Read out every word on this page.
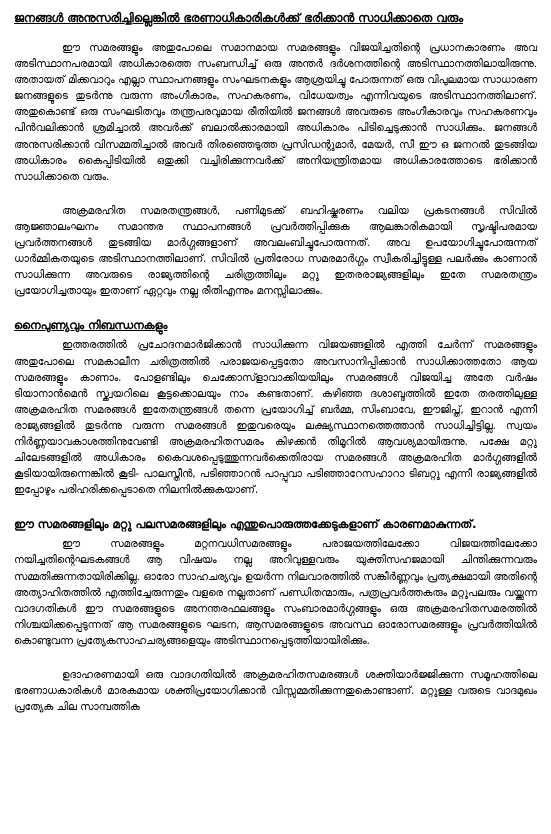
ജനങ്ങൾ അനുസരിച്ചില്ലെങ്കിൽ ഭരണാധികാരികൾക്ക് ഭരിക്കാൻ സാധിക്കാതെ വരും

ഈ സമരങ്ങളും അതുപോലെ സമാനമായ സമരങ്ങളും വിജയിച്ചതിന്റെ പ്രധാനകാരണം അവ അടിസ്ഥാനപരമായി അധികാരത്തെ സംബന്ധിച്ച് ഒരു അന്തർ ദർശനത്തിന്റെ അടിസ്ഥാനത്തിലായിരുന്നു. അതായത് മിക്കവാറും എല്ലാ സ്ഥാപനങ്ങളും സംഘടനകളും ആശ്രയിച്ചു പോരുന്നത് ഒരു വിപുലമായ സാധാരണ ജനങ്ങളുടെ തുടർന്നു വരുന്ന അംഗീകാരം, സഹകരണം, വിധേയത്വം എന്നിവയുടെ അടിസ്ഥാനത്തിലാണ്. അതുകൊണ്ട് ഒരു സംഘടിതവും തന്ത്രപരവുമായ രീതിയിൽ ജനങ്ങൾ അവരുടെ അംഗീകാരവും സഹകരണവും പിൻവലിക്കാൻ ശ്രമിച്ചാൽ അവർക്ക് ബലാൽക്കാരമായി അധികാരം പിടിച്ചെടുക്കാൻ സാധിക്കും. ജനങ്ങൾ അനുസരിക്കാൻ വിസമ്മതിച്ചാൽ അവർ തിരഞ്ഞെടുത്ത പ്രസിഡന്റുമാർ, മേയർ, സീ ഈ ഒ ജനറൽ തുടങ്ങിയ അധികാരം കൈപ്പിടിയിൽ ഒതുക്കി വച്ചിരിക്കുന്നവർക്ക് അനിയന്ത്രിതമായ അധികാരത്തോടെ ഭരിക്കാൻ സാധിക്കാതെ വരും.

അക്രമരഹിത സമരതന്ത്രങ്ങൾ, പണിമുടക്ക് ബഹിഷ്കരണം വലിയ പ്രകടനങ്ങൾ സിവിൽ ആജ്ഞാലംഘനം സമാന്തര സ്ഥാപനങ്ങൾ പ്രവർത്തിപ്പിക്കുക ആലങ്കാരികമായി സൃഷ്ടിപരമായ പ്രവർത്തനങ്ങൾ തുടങ്ങിയ മാർഗ്ഗങ്ങളാണ് അവലംബിച്ചുപോരുന്നത്. അവ ഉപയോഗിച്ചുപോരുന്നത് ധാർമ്മികതയുടെ അടിസ്ഥാനത്തിലാണ്. സിവിൽ പ്രതിരോധ സമരമാർഗ്ഗം സ്വീകരിച്ചിട്ടുള്ള പലർക്കും കാണാൻ സാധിക്കുന്ന അവരുടെ രാജ്യത്തിന്റെ ചരിത്രത്തിലും മറ്റു ഇതരരാജ്യങ്ങളിലും ഇതേ സമരതന്ത്രം പ്രയോഗിച്ചതായും ഇതാണ് ഏറ്റവും നല്ല രീതിഎന്നും മനസ്സിലാക്കും.

നൈപുണ്യവും നിബന്ധനകളും

ഇത്തരത്തിൽ പ്രചോദനമാർജിക്കാൻ സാധിക്കുന്ന വിജയങ്ങളിൽ എത്തി ചേർന്ന് സമരങ്ങളും അതുപോലെ സമകാലീന ചരിത്രത്തിൽ പരാജയപ്പെട്ടതോ അവസാനിപ്പിക്കാൻ സാധിക്കാത്തതോ ആയ സമരങ്ങളും കാണാം. പോളണ്ടിലും ചെക്കോസ്ളാവാക്കിയയിലും സമരങ്ങൾ വിജയിച്ച അതേ വർഷം ടിയാനാൻമെൻ സ്ക്വയറിലെ കൂട്ടക്കൊലയും നാം കണ്ടതാണ്. കഴിഞ്ഞ ദശാബ്ദത്തിൽ ഇതേ തരത്തിലുള്ള അക്രമരഹിത സമരങ്ങൾ ഇതേതന്ത്രങ്ങൾ തന്നെ പ്രയോഗിച്ച് ബർമ്മ, സിംബാവേ, ഈജിപ്ത്, ഇറാൻ എന്നീ രാജ്യങ്ങളിൽ തുടർന്നു വരുന്ന സമരങ്ങൾ ഇതുവരെയും ലക്ഷ്യസ്ഥാനത്തെത്താൻ സാധിച്ചിട്ടില്ല. സ്വയം നിർണ്ണയാവകാശത്തിനുവേണ്ടി അക്രമരഹിതസമരം കിഴക്കൻ തിമൂറിൽ ആവശ്യമായിരുന്നു. പക്ഷേ മറ്റു ചിലേടങ്ങളിൽ അധികാരം കൈവശപ്പെടുത്തുന്നവർക്കെതിരായ സമരങ്ങൾ അക്രമരഹിത മാർഗ്ഗങ്ങളിൽ കൂടിയായിരുന്നെങ്കിൽ കൂടി- പാലസ്തീൻ, പടിഞ്ഞാറൻ പാപ്പുവാ പടിഞ്ഞാറേസഹാറാ ടിബറ്റു എന്നീ രാജ്യങ്ങളിൽ ഇപ്പോഴും പരിഹരിക്കപ്പെടാതെ നിലനിൽക്കുകയാണ്.

ഈ സമരങ്ങളിലും മറ്റു പലസമരങ്ങളിലും എന്തുപൊരുത്തക്കേടുകളാണ് കാരണമാകുന്നത്.

ഈ സമരങ്ങളും മറ്റനവധിസമരങ്ങളും പരാജയത്തിലേക്കോ വിജയത്തിലേക്കോ നയിച്ചതിന്റെഘടകങ്ങൾ ആ വിഷയം നല്ല അറിവുള്ളവരും യുക്തിസഹജമായി ചിന്തിക്കുന്നവരും സമ്മതിക്കുന്നതായിരിക്കില്ല. ഓരോ സാഹചര്യവും ഉയർന്ന നിലവാരത്തിൽ സങ്കീർണ്ണവും പ്രത്യക്ഷമായി അതിന്റെ അത്യാഹിതത്തിൽ എത്തിച്ചേരുന്നതും വളരെ നല്ലതാണ് പണ്ഡിതന്മാരും, പത്രപ്രവർത്തകരും മറ്റുപലരും വയ്ക്കുന്ന വാദഗതികൾ ഈ സമരങ്ങളുടെ അനന്തരഫലങ്ങളും സംബാരമാർഗ്ഗങ്ങളും ഒരു അക്രമരഹിതസമരത്തിൽ നിശ്ചയിക്കപ്പെടുന്നത് ആ സമരങ്ങളുടെ ഘടന, ആസമരങ്ങളുടെ അവസ്ഥ ഓരോസമരങ്ങളും പ്രവർത്തിയിൽ കൊണ്ടുവന്ന പ്രത്യേകസാഹചര്യങ്ങളെയും അടിസ്ഥാനപ്പെടുത്തിയായിരിക്കും.

ഉദാഹരണമായി ഒരു വാദഗതിയിൽ അക്രമരഹിതസമരങ്ങൾ ശക്തിയാർജ്ജിക്കുന്ന സമൂഹത്തിലെ ഭരണാധകാരികൾ മാരകമായ ശക്തിപ്രയോഗിക്കാൻ വിസ്സമ്മതിക്കുന്നതുകൊണ്ടാണ്. മറ്റുള്ള വരുടെ വാദമുഖം പ്രത്യേക ചില സാമ്പത്തിക
